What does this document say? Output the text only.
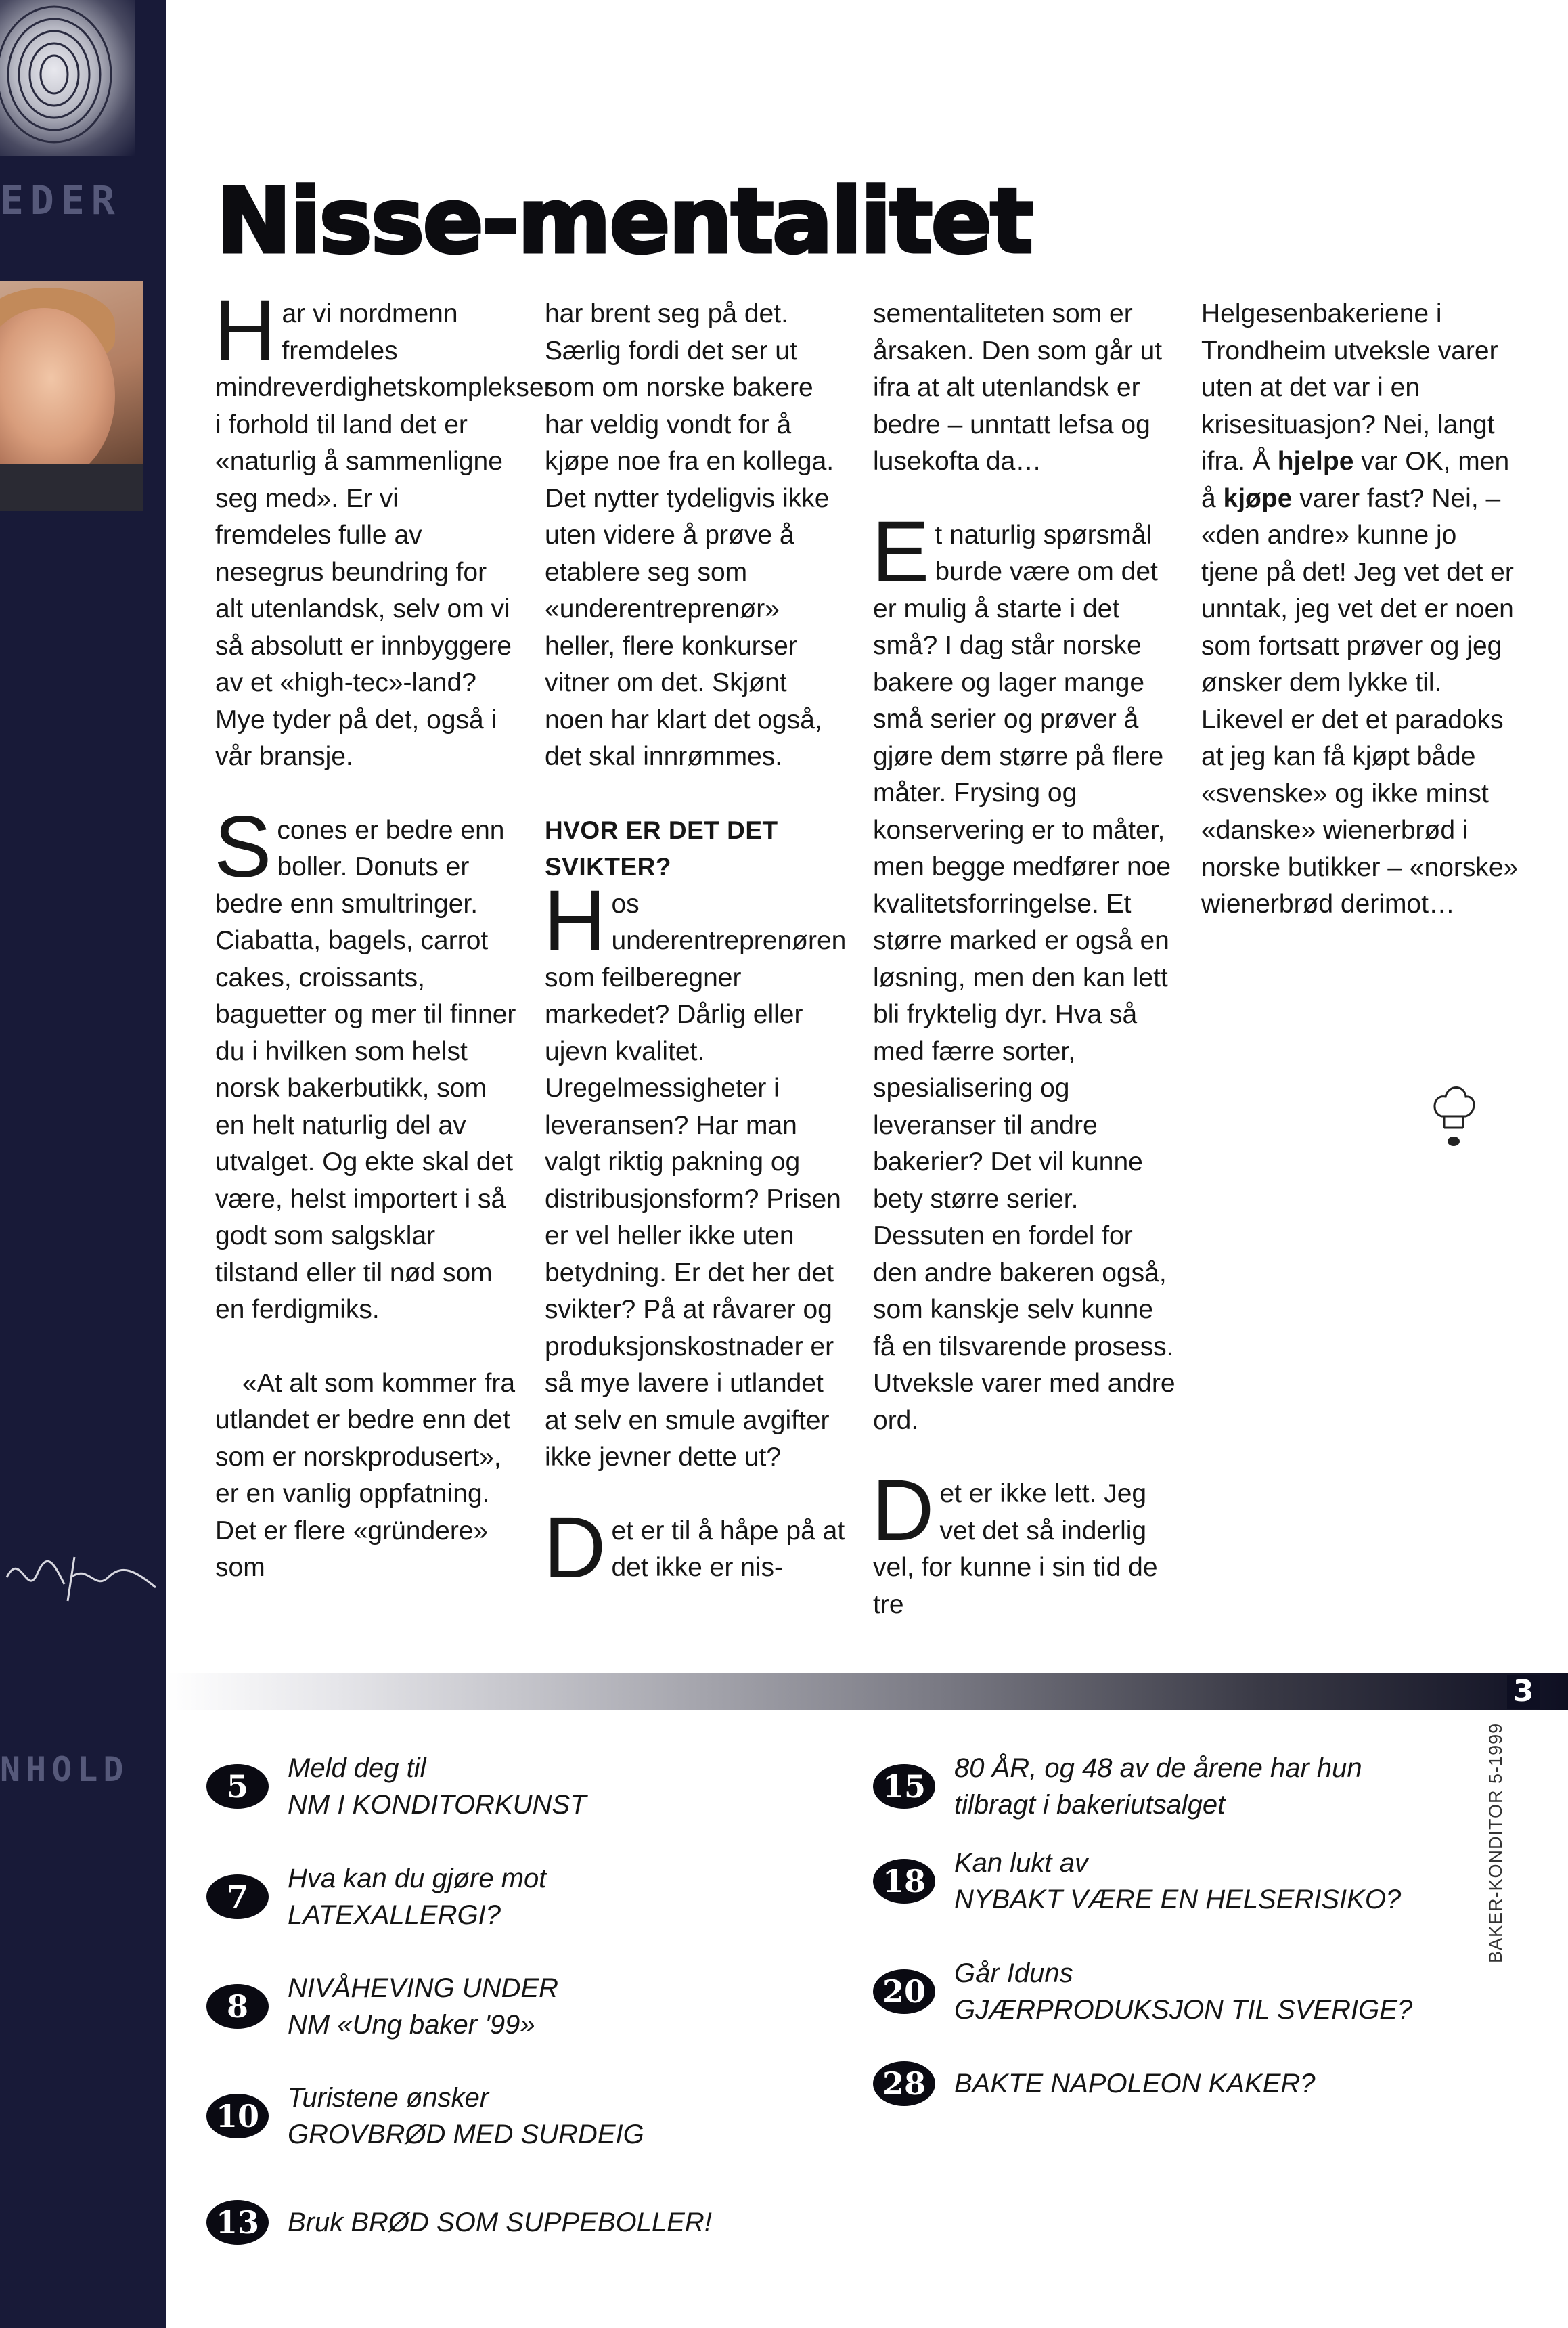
EDER
NHOLD
Nisse-mentalitet

Har vi nordmenn fremdeles mindreverdighetskomplekser i forhold til land det er «naturlig å sammenligne seg med». Er vi fremdeles fulle av nesegrus beundring for alt utenlandsk, selv om vi så absolutt er innbyggere av et «high-tec»-land? Mye tyder på det, også i vår bransje.

Scones er bedre enn boller. Donuts er bedre enn smultringer. Ciabatta, bagels, carrot cakes, croissants, baguetter og mer til finner du i hvilken som helst norsk bakerbutikk, som en helt naturlig del av utvalget. Og ekte skal det være, helst importert i så godt som salgsklar tilstand eller til nød som en ferdigmiks.

«At alt som kommer fra utlandet er bedre enn det som er norskprodusert», er en vanlig oppfatning. Det er flere «gründere» som

har brent seg på det. Særlig fordi det ser ut som om norske bakere har veldig vondt for å kjøpe noe fra en kollega. Det nytter tydeligvis ikke uten videre å prøve å etablere seg som «underentreprenør» heller, flere konkurser vitner om det. Skjønt noen har klart det også, det skal innrømmes.

HVOR ER DET DET SVIKTER?

Hos underentreprenøren som feilberegner markedet? Dårlig eller ujevn kvalitet. Uregelmessigheter i leveransen? Har man valgt riktig pakning og distribusjonsform? Prisen er vel heller ikke uten betydning. Er det her det svikter? På at råvarer og produksjonskostnader er så mye lavere i utlandet at selv en smule avgifter ikke jevner dette ut?

Det er til å håpe på at det ikke er nis-

sementaliteten som er årsaken. Den som går ut ifra at alt utenlandsk er bedre – unntatt lefsa og lusekofta da…

Et naturlig spørsmål burde være om det er mulig å starte i det små? I dag står norske bakere og lager mange små serier og prøver å gjøre dem større på flere måter. Frysing og konservering er to måter, men begge medfører noe kvalitetsforringelse. Et større marked er også en løsning, men den kan lett bli fryktelig dyr. Hva så med færre sorter, spesialisering og leveranser til andre bakerier? Det vil kunne bety større serier. Dessuten en fordel for den andre bakeren også, som kanskje selv kunne få en tilsvarende prosess. Utveksle varer med andre ord.

Det er ikke lett. Jeg vet det så inderlig vel, for kunne i sin tid de tre

Helgesenbakeriene i Trondheim utveksle varer uten at det var i en krisesituasjon? Nei, langt ifra. Å hjelpe var OK, men å kjøpe varer fast? Nei, – «den andre» kunne jo tjene på det! Jeg vet det er unntak, jeg vet det er noen som fortsatt prøver og jeg ønsker dem lykke til. Likevel er det et paradoks at jeg kan få kjøpt både «svenske» og ikke minst «danske» wienerbrød i norske butikker – «norske» wienerbrød derimot…

3
5	Meld deg til
NM I KONDITORKUNST
7	Hva kan du gjøre mot
LATEXALLERGI?
8	NIVÅHEVING UNDER
NM «Ung baker '99»
10	Turistene ønsker
GROVBRØD MED SURDEIG
13	Bruk BRØD SOM SUPPEBOLLER!
15	80 ÅR, og 48 av de årene har hun
tilbragt i bakeriutsalget
18	Kan lukt av
NYBAKT VÆRE EN HELSERISIKO?
20	Går Iduns
GJÆRPRODUKSJON TIL SVERIGE?
28	BAKTE NAPOLEON KAKER?
BAKER-KONDITOR 5-1999
